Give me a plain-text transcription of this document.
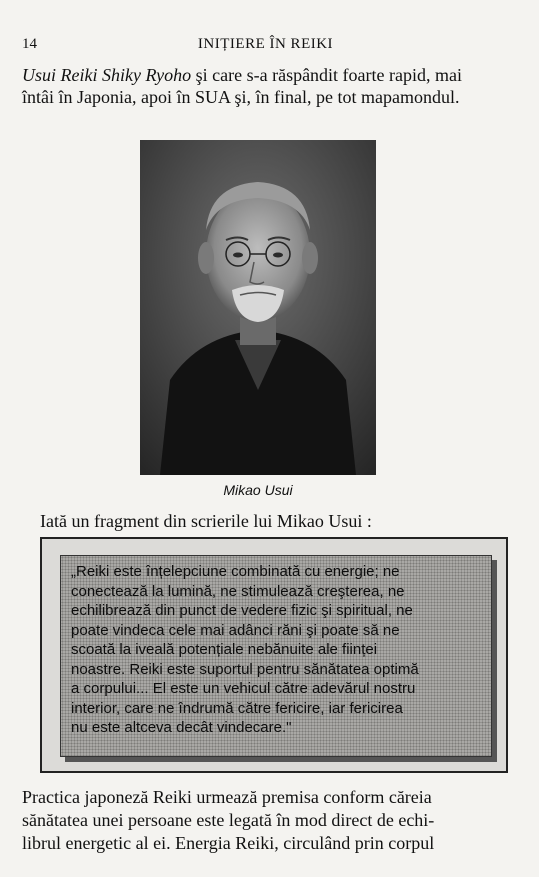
14	INIȚIERE ÎN REIKI
Usui Reiki Shiky Ryoho şi care s-a răspândit foarte rapid, mai
întâi în Japonia, apoi în SUA şi, în final, pe tot mapamondul.
Mikao Usui
Iată un fragment din scrierile lui Mikao Usui :
„Reiki este înțelepciune combinată cu energie; ne
conectează la lumină, ne stimulează creşterea, ne
echilibrează din punct de vedere fizic şi spiritual, ne
poate vindeca cele mai adânci răni şi poate să ne
scoată la iveală potențiale nebănuite ale ființei
noastre. Reiki este suportul pentru sănătatea optimă
a corpului... El este un vehicul către adevărul nostru
interior, care ne îndrumă către fericire, iar fericirea
nu este altceva decât vindecare."
Practica japoneză Reiki urmează premisa conform căreia
sănătatea unei persoane este legată în mod direct de echi-
librul energetic al ei. Energia Reiki, circulând prin corpul
